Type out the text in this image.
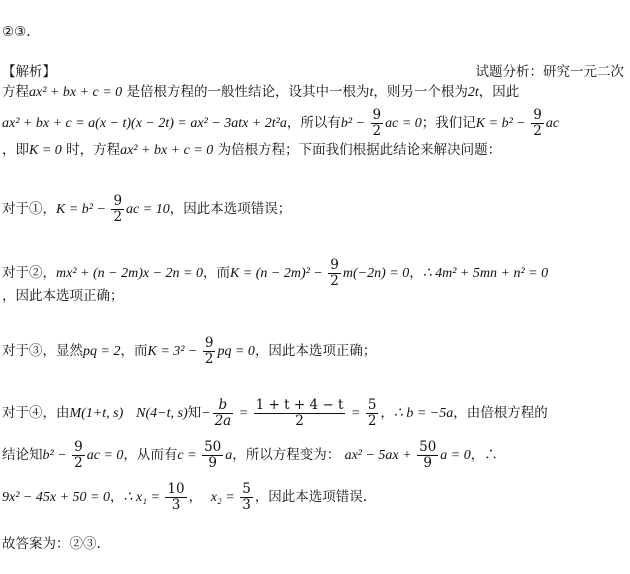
②③.
【解析】	试题分析：研究一元二次
方程ax² + bx + c = 0 是倍根方程的一般性结论，设其中一根为t，则另一个根为2t，因此
ax² + bx + c = a(x − t)(x − 2t) = ax² − 3atx + 2t²a，所以有$b^2 - \frac{9}{2}$ ac = 0；我们记$K = b^2 - \frac{9}{2}$ ac
，即K = 0 时，方程ax² + bx + c = 0 为倍根方程；下面我们根据此结论来解决问题：
对于①，$K = b^2 - \frac{9}{2}$ ac = 10，因此本选项错误；
对于②，mx² + (n − 2m)x − 2n = 0，而$K = (n - 2m)^2 - \frac{9}{2} m(-2n) = 0$，∴ 4m² + 5mn + n² = 0
，因此本选项正确；
对于③，显然pq = 2，而$K = 3^2 - \frac{9}{2}$ pq = 0，因此本选项正确；
对于④，由M(1+t, s) N(4−t, s)知− $\frac{b}{2a} = \frac{1 + t + 4 - t}{2} = \frac{5}{2}$ ，∴ b = −5a，由倍根方程的
结论知$b^2 - \frac{9}{2}$ ac = 0，从而有$c = \frac{50}{9}$ a，所以方程变为： $ax^2 - 5ax + \frac{50}{9}$ a = 0，∴
9x² − 45x + 50 = 0，∴ $x_1 = \frac{10}{3}$ ， $x_2 = \frac{5}{3}$ ，因此本选项错误.
故答案为：②③.
